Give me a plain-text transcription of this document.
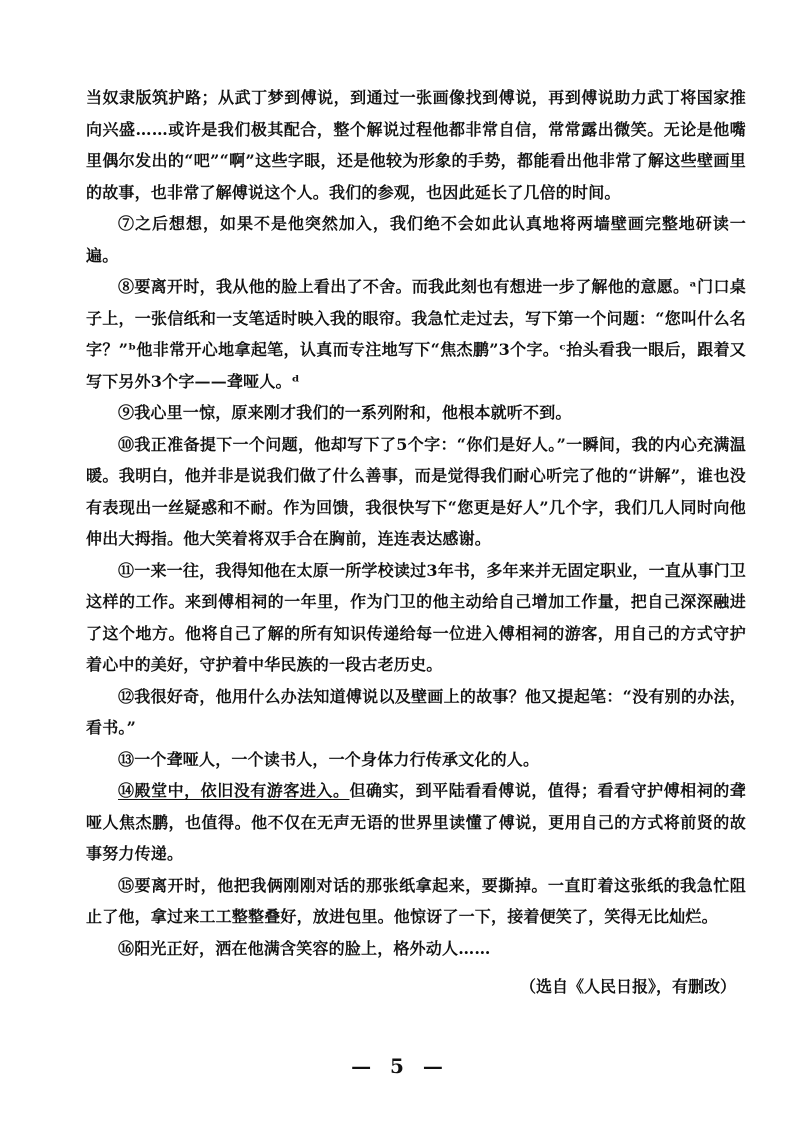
当奴隶版筑护路；从武丁梦到傅说，到通过一张画像找到傅说，再到傅说助力武丁将国家推向兴盛……或许是我们极其配合，整个解说过程他都非常自信，常常露出微笑。无论是他嘴里偶尔发出的“吧”“啊”这些字眼，还是他较为形象的手势，都能看出他非常了解这些壁画里的故事，也非常了解傅说这个人。我们的参观，也因此延长了几倍的时间。

⑦之后想想，如果不是他突然加入，我们绝不会如此认真地将两墙壁画完整地研读一遍。

⑧要离开时，我从他的脸上看出了不舍。而我此刻也有想进一步了解他的意愿。ᵃ门口桌子上，一张信纸和一支笔适时映入我的眼帘。我急忙走过去，写下第一个问题：“您叫什么名字？”ᵇ他非常开心地拿起笔，认真而专注地写下“焦杰鹏”3个字。ᶜ抬头看我一眼后，跟着又写下另外3个字——聋哑人。ᵈ

⑨我心里一惊，原来刚才我们的一系列附和，他根本就听不到。

⑩我正准备提下一个问题，他却写下了5个字：“你们是好人。”一瞬间，我的内心充满温暖。我明白，他并非是说我们做了什么善事，而是觉得我们耐心听完了他的“讲解”，谁也没有表现出一丝疑惑和不耐。作为回馈，我很快写下“您更是好人”几个字，我们几人同时向他伸出大拇指。他大笑着将双手合在胸前，连连表达感谢。

⑪一来一往，我得知他在太原一所学校读过3年书，多年来并无固定职业，一直从事门卫这样的工作。来到傅相祠的一年里，作为门卫的他主动给自己增加工作量，把自己深深融进了这个地方。他将自己了解的所有知识传递给每一位进入傅相祠的游客，用自己的方式守护着心中的美好，守护着中华民族的一段古老历史。

⑫我很好奇，他用什么办法知道傅说以及壁画上的故事？他又提起笔：“没有别的办法，看书。”

⑬一个聋哑人，一个读书人，一个身体力行传承文化的人。

⑭殿堂中，依旧没有游客进入。但确实，到平陆看看傅说，值得；看看守护傅相祠的聋哑人焦杰鹏，也值得。他不仅在无声无语的世界里读懂了傅说，更用自己的方式将前贤的故事努力传递。

⑮要离开时，他把我俩刚刚对话的那张纸拿起来，要撕掉。一直盯着这张纸的我急忙阻止了他，拿过来工工整整叠好，放进包里。他惊讶了一下，接着便笑了，笑得无比灿烂。

⑯阳光正好，洒在他满含笑容的脸上，格外动人……

（选自《人民日报》，有删改）
— 5 —
